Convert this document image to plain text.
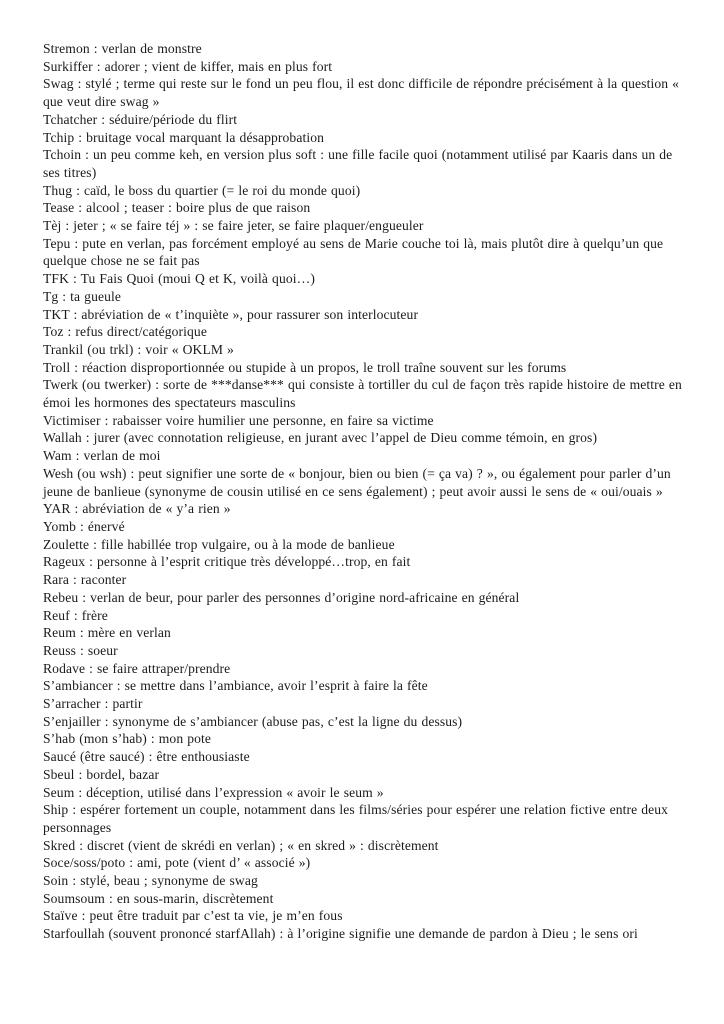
Stremon : verlan de monstre

Surkiffer : adorer ; vient de kiffer, mais en plus fort

Swag : stylé ; terme qui reste sur le fond un peu flou, il est donc difficile de répondre précisément à la question « que veut dire swag »

Tchatcher : séduire/période du flirt

Tchip : bruitage vocal marquant la désapprobation

Tchoin : un peu comme keh, en version plus soft : une fille facile quoi (notamment utilisé par Kaaris dans un de ses titres)

Thug : caïd, le boss du quartier (= le roi du monde quoi)

Tease : alcool ; teaser : boire plus de que raison

Tèj : jeter ; « se faire téj » : se faire jeter, se faire plaquer/engueuler

Tepu : pute en verlan, pas forcément employé au sens de Marie couche toi là, mais plutôt dire à quelqu’un que quelque chose ne se fait pas

TFK : Tu Fais Quoi (moui Q et K, voilà quoi…)

Tg : ta gueule

TKT : abréviation de « t’inquiète », pour rassurer son interlocuteur

Toz : refus direct/catégorique

Trankil (ou trkl) : voir « OKLM »

Troll : réaction disproportionnée ou stupide à un propos, le troll traîne souvent sur les forums

Twerk (ou twerker) : sorte de ***danse*** qui consiste à tortiller du cul de façon très rapide histoire de mettre en émoi les hormones des spectateurs masculins

Victimiser : rabaisser voire humilier une personne, en faire sa victime

Wallah : jurer (avec connotation religieuse, en jurant avec l’appel de Dieu comme témoin, en gros)

Wam : verlan de moi

Wesh (ou wsh) : peut signifier une sorte de « bonjour, bien ou bien (= ça va) ? », ou également pour parler d’un jeune de banlieue (synonyme de cousin utilisé en ce sens également) ; peut avoir aussi le sens de « oui/ouais »

YAR : abréviation de « y’a rien »

Yomb : énervé

Zoulette : fille habillée trop vulgaire, ou à la mode de banlieue

Rageux : personne à l’esprit critique très développé…trop, en fait

Rara : raconter

Rebeu : verlan de beur, pour parler des personnes d’origine nord-africaine en général

Reuf : frère

Reum : mère en verlan

Reuss : soeur

Rodave : se faire attraper/prendre

S’ambiancer : se mettre dans l’ambiance, avoir l’esprit à faire la fête

S’arracher : partir

S’enjailler : synonyme de s’ambiancer (abuse pas, c’est la ligne du dessus)

S’hab (mon s’hab) : mon pote

Saucé (être saucé) : être enthousiaste

Sbeul : bordel, bazar

Seum : déception, utilisé dans l’expression « avoir le seum »

Ship : espérer fortement un couple, notamment dans les films/séries pour espérer une relation fictive entre deux personnages

Skred : discret (vient de skrédi en verlan) ; « en skred » : discrètement

Soce/soss/poto : ami, pote (vient d’ « associé »)

Soin : stylé, beau ; synonyme de swag

Soumsoum : en sous-marin, discrètement

Staïve : peut être traduit par c’est ta vie, je m’en fous

Starfoullah (souvent prononcé starfAllah) : à l’origine signifie une demande de pardon à Dieu ; le sens ori
